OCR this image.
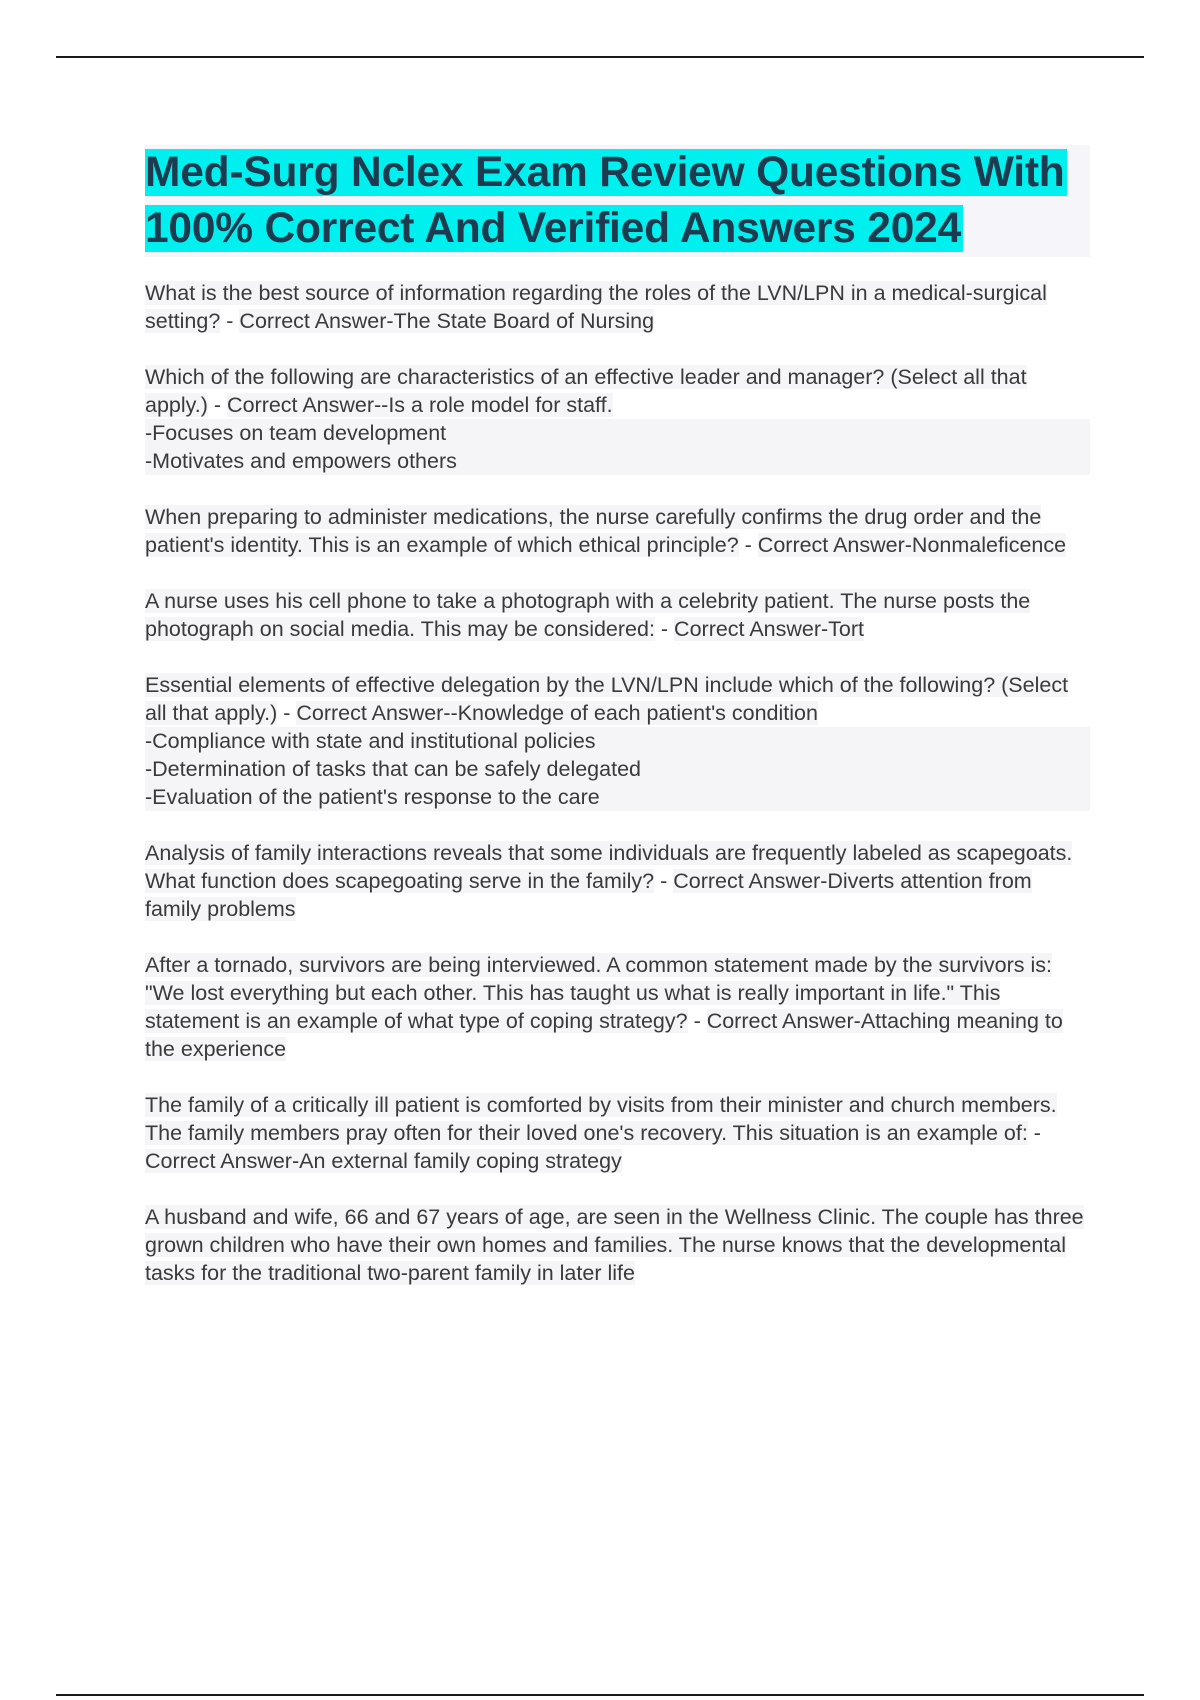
Med-Surg Nclex Exam Review Questions With 100% Correct And Verified Answers 2024
What is the best source of information regarding the roles of the LVN/LPN in a medical-surgical setting? - Correct Answer-The State Board of Nursing
Which of the following are characteristics of an effective leader and manager? (Select all that apply.) - Correct Answer--Is a role model for staff.
-Focuses on team development
-Motivates and empowers others
When preparing to administer medications, the nurse carefully confirms the drug order and the patient's identity. This is an example of which ethical principle? - Correct Answer-Nonmaleficence
A nurse uses his cell phone to take a photograph with a celebrity patient. The nurse posts the photograph on social media. This may be considered: - Correct Answer-Tort
Essential elements of effective delegation by the LVN/LPN include which of the following? (Select all that apply.) - Correct Answer--Knowledge of each patient's condition
-Compliance with state and institutional policies
-Determination of tasks that can be safely delegated
-Evaluation of the patient's response to the care
Analysis of family interactions reveals that some individuals are frequently labeled as scapegoats. What function does scapegoating serve in the family? - Correct Answer-Diverts attention from family problems
After a tornado, survivors are being interviewed. A common statement made by the survivors is: "We lost everything but each other. This has taught us what is really important in life." This statement is an example of what type of coping strategy? - Correct Answer-Attaching meaning to the experience
The family of a critically ill patient is comforted by visits from their minister and church members. The family members pray often for their loved one's recovery. This situation is an example of: - Correct Answer-An external family coping strategy
A husband and wife, 66 and 67 years of age, are seen in the Wellness Clinic. The couple has three grown children who have their own homes and families. The nurse knows that the developmental tasks for the traditional two-parent family in later life
